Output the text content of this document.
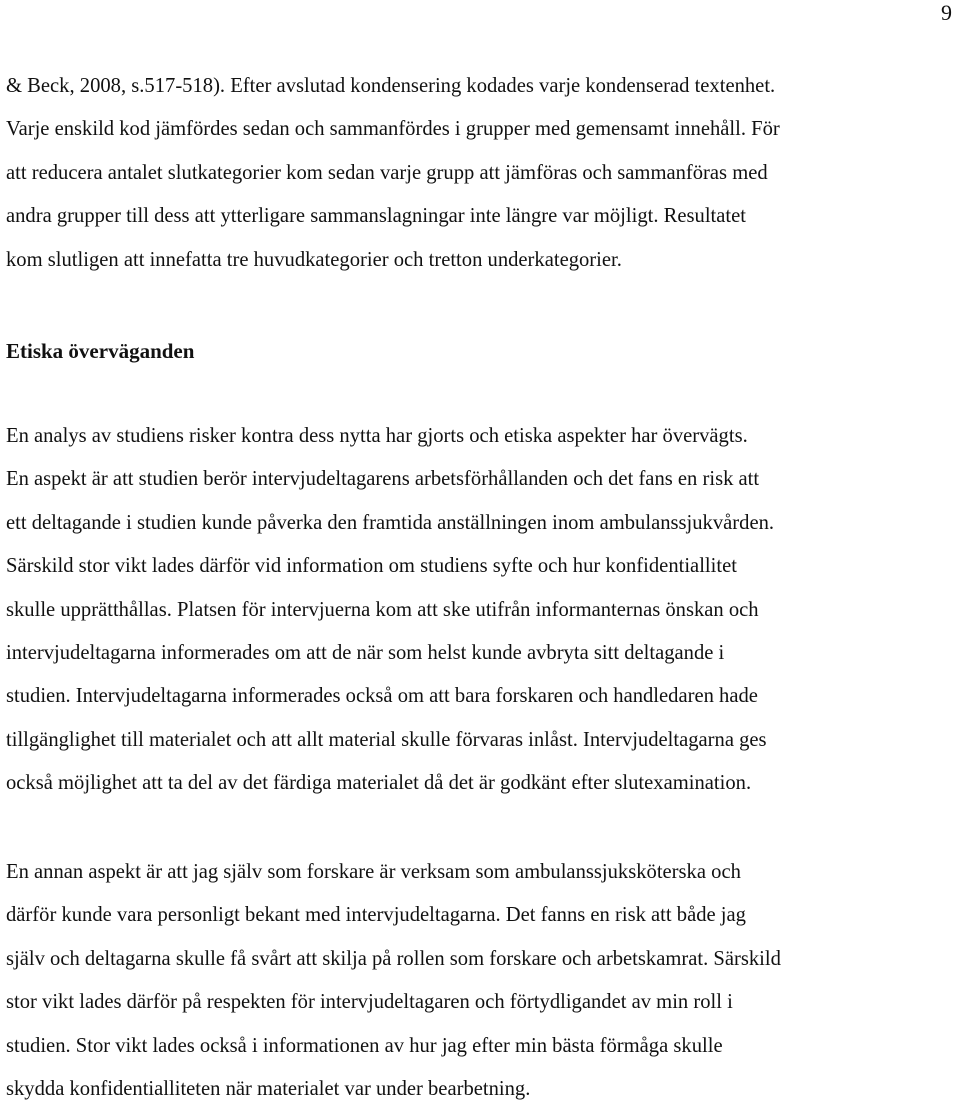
9

& Beck, 2008, s.517-518). Efter avslutad kondensering kodades varje kondenserad textenhet.
Varje enskild kod jämfördes sedan och sammanfördes i grupper med gemensamt innehåll. För
att reducera antalet slutkategorier kom sedan varje grupp att jämföras och sammanföras med
andra grupper till dess att ytterligare sammanslagningar inte längre var möjligt. Resultatet
kom slutligen att innefatta tre huvudkategorier och tretton underkategorier.

Etiska överväganden

En analys av studiens risker kontra dess nytta har gjorts och etiska aspekter har övervägts.
En aspekt är att studien berör intervjudeltagarens arbetsförhållanden och det fans en risk att
ett deltagande i studien kunde påverka den framtida anställningen inom ambulanssjukvården.
Särskild stor vikt lades därför vid information om studiens syfte och hur konfidentiallitet
skulle upprätthållas. Platsen för intervjuerna kom att ske utifrån informanternas önskan och
intervjudeltagarna informerades om att de när som helst kunde avbryta sitt deltagande i
studien. Intervjudeltagarna informerades också om att bara forskaren och handledaren hade
tillgänglighet till materialet och att allt material skulle förvaras inlåst. Intervjudeltagarna ges
också möjlighet att ta del av det färdiga materialet då det är godkänt efter slutexamination.

En annan aspekt är att jag själv som forskare är verksam som ambulanssjuksköterska och
därför kunde vara personligt bekant med intervjudeltagarna. Det fanns en risk att både jag
själv och deltagarna skulle få svårt att skilja på rollen som forskare och arbetskamrat. Särskild
stor vikt lades därför på respekten för intervjudeltagaren och förtydligandet av min roll i
studien. Stor vikt lades också i informationen av hur jag efter min bästa förmåga skulle
skydda konfidentialliteten när materialet var under bearbetning.
